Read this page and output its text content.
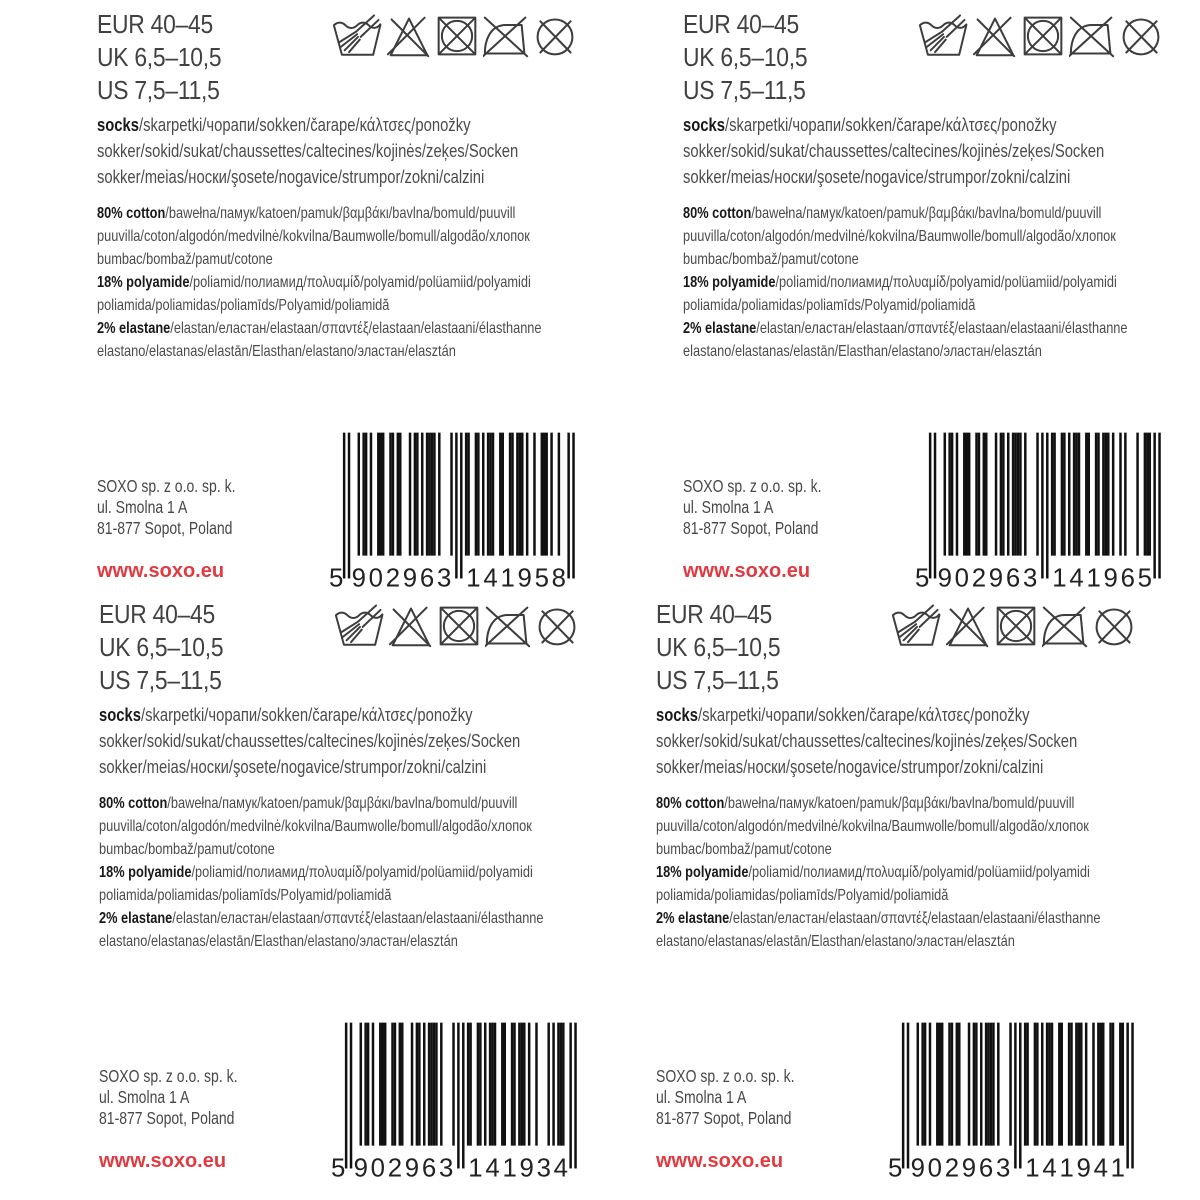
EUR 40–45
UK 6,5–10,5
US 7,5–11,5
socks/skarpetki/чорапи/sokken/čarape/κάλτσες/ponožky
sokker/sokid/sukat/chaussettes/caltecines/kojinės/zeķes/Socken
sokker/meias/носки/şosete/nogavice/strumpor/zokni/calzini
80% cotton/bawełna/памук/katoen/pamuk/βαμβάκι/bavlna/bomuld/puuvill
puuvilla/coton/algodón/medvilnė/kokvilna/Baumwolle/bomull/algodão/хлопок
bumbac/bombaž/pamut/cotone
18% polyamide/poliamid/полиамид/πολυαμίδ/polyamid/polüamiid/polyamidi
poliamida/poliamidas/poliamīds/Polyamid/poliamidă
2% elastane/elastan/еластан/elastaan/σπαντέξ/elastaan/elastaani/élasthanne
elastano/elastanas/elastān/Elasthan/elastano/эластан/elasztán
SOXO sp. z o.o. sp. k.
ul. Smolna 1 A
81-877 Sopot, Poland
www.soxo.eu	5 9 0 2 9 6 3 1 4 1 9 5 8
EUR 40–45
UK 6,5–10,5
US 7,5–11,5
socks/skarpetki/чорапи/sokken/čarape/κάλτσες/ponožky
sokker/sokid/sukat/chaussettes/caltecines/kojinės/zeķes/Socken
sokker/meias/носки/şosete/nogavice/strumpor/zokni/calzini
80% cotton/bawełna/памук/katoen/pamuk/βαμβάκι/bavlna/bomuld/puuvill
puuvilla/coton/algodón/medvilnė/kokvilna/Baumwolle/bomull/algodão/хлопок
bumbac/bombaž/pamut/cotone
18% polyamide/poliamid/полиамид/πολυαμίδ/polyamid/polüamiid/polyamidi
poliamida/poliamidas/poliamīds/Polyamid/poliamidă
2% elastane/elastan/еластан/elastaan/σπαντέξ/elastaan/elastaani/élasthanne
elastano/elastanas/elastān/Elasthan/elastano/эластан/elasztán
SOXO sp. z o.o. sp. k.
ul. Smolna 1 A
81-877 Sopot, Poland
www.soxo.eu	5 9 0 2 9 6 3 1 4 1 9 6 5
EUR 40–45
UK 6,5–10,5
US 7,5–11,5
socks/skarpetki/чорапи/sokken/čarape/κάλτσες/ponožky
sokker/sokid/sukat/chaussettes/caltecines/kojinės/zeķes/Socken
sokker/meias/носки/şosete/nogavice/strumpor/zokni/calzini
80% cotton/bawełna/памук/katoen/pamuk/βαμβάκι/bavlna/bomuld/puuvill
puuvilla/coton/algodón/medvilnė/kokvilna/Baumwolle/bomull/algodão/хлопок
bumbac/bombaž/pamut/cotone
18% polyamide/poliamid/полиамид/πολυαμίδ/polyamid/polüamiid/polyamidi
poliamida/poliamidas/poliamīds/Polyamid/poliamidă
2% elastane/elastan/еластан/elastaan/σπαντέξ/elastaan/elastaani/élasthanne
elastano/elastanas/elastān/Elasthan/elastano/эластан/elasztán
SOXO sp. z o.o. sp. k.
ul. Smolna 1 A
81-877 Sopot, Poland
www.soxo.eu	5 9 0 2 9 6 3 1 4 1 9 3 4
EUR 40–45
UK 6,5–10,5
US 7,5–11,5
socks/skarpetki/чорапи/sokken/čarape/κάλτσες/ponožky
sokker/sokid/sukat/chaussettes/caltecines/kojinės/zeķes/Socken
sokker/meias/носки/şosete/nogavice/strumpor/zokni/calzini
80% cotton/bawełna/памук/katoen/pamuk/βαμβάκι/bavlna/bomuld/puuvill
puuvilla/coton/algodón/medvilnė/kokvilna/Baumwolle/bomull/algodão/хлопок
bumbac/bombaž/pamut/cotone
18% polyamide/poliamid/полиамид/πολυαμίδ/polyamid/polüamiid/polyamidi
poliamida/poliamidas/poliamīds/Polyamid/poliamidă
2% elastane/elastan/еластан/elastaan/σπαντέξ/elastaan/elastaani/élasthanne
elastano/elastanas/elastān/Elasthan/elastano/эластан/elasztán
SOXO sp. z o.o. sp. k.
ul. Smolna 1 A
81-877 Sopot, Poland
www.soxo.eu	5 9 0 2 9 6 3 1 4 1 9 4 1
